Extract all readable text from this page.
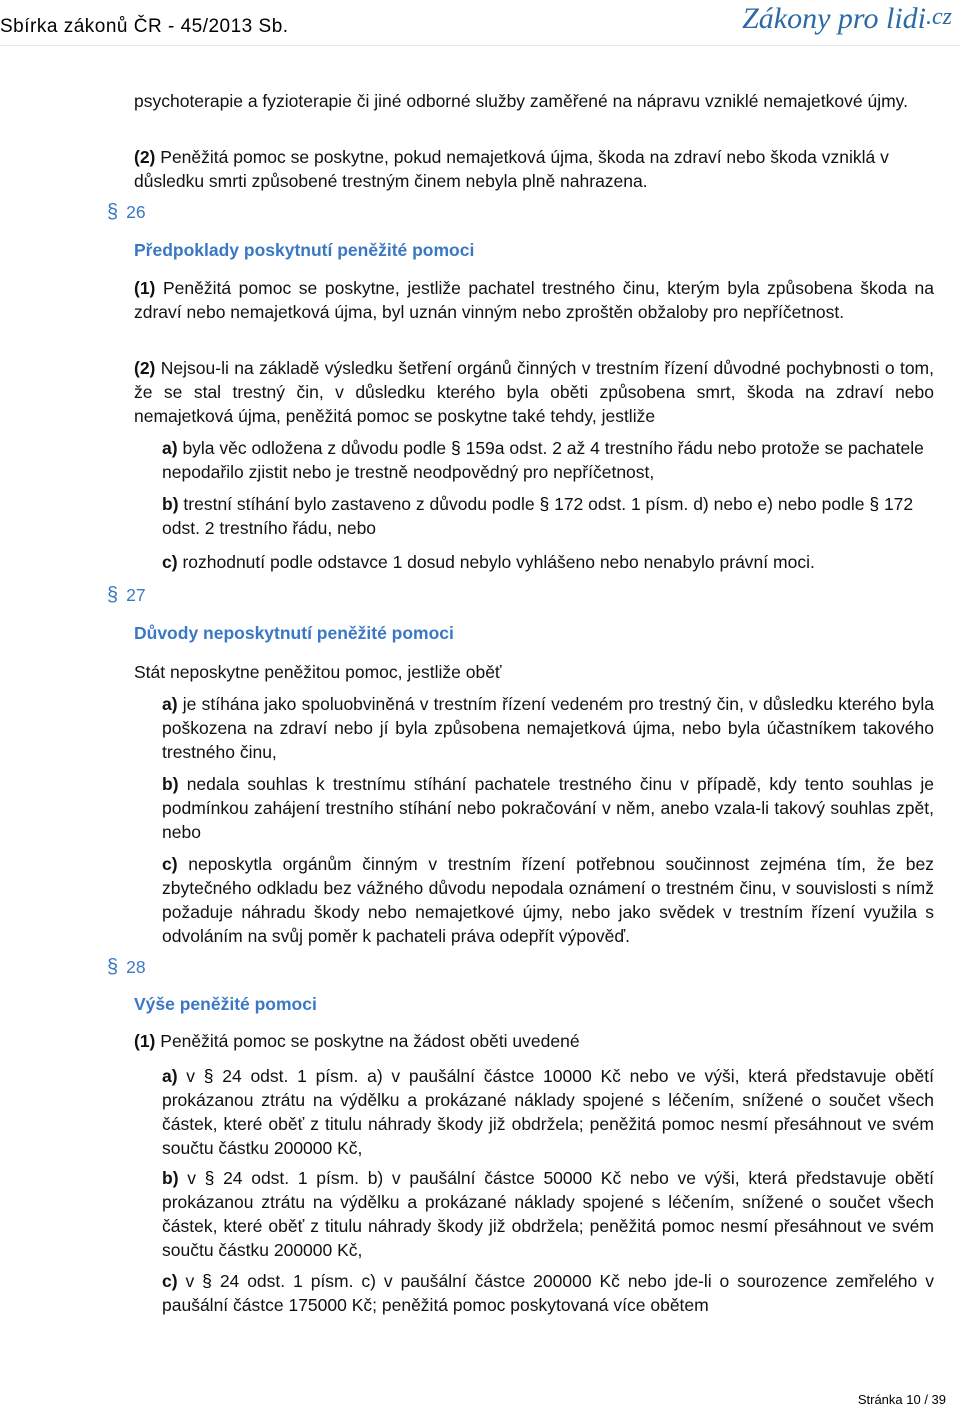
Sbírka zákonů ČR - 45/2013 Sb.	Zákony pro lidi.cz

psychoterapie a fyzioterapie či jiné odborné služby zaměřené na nápravu vzniklé nemajetkové újmy.

(2) Peněžitá pomoc se poskytne, pokud nemajetková újma, škoda na zdraví nebo škoda vzniklá v důsledku smrti způsobené trestným činem nebyla plně nahrazena.

§ 26
Předpoklady poskytnutí peněžité pomoci

(1) Peněžitá pomoc se poskytne, jestliže pachatel trestného činu, kterým byla způsobena škoda na zdraví nebo nemajetková újma, byl uznán vinným nebo zproštěn obžaloby pro nepříčetnost.

(2) Nejsou-li na základě výsledku šetření orgánů činných v trestním řízení důvodné pochybnosti o tom, že se stal trestný čin, v důsledku kterého byla oběti způsobena smrt, škoda na zdraví nebo nemajetková újma, peněžitá pomoc se poskytne také tehdy, jestliže

a) byla věc odložena z důvodu podle § 159a odst. 2 až 4 trestního řádu nebo protože se pachatele nepodařilo zjistit nebo je trestně neodpovědný pro nepříčetnost,

b) trestní stíhání bylo zastaveno z důvodu podle § 172 odst. 1 písm. d) nebo e) nebo podle § 172 odst. 2 trestního řádu, nebo

c) rozhodnutí podle odstavce 1 dosud nebylo vyhlášeno nebo nenabylo právní moci.

§ 27
Důvody neposkytnutí peněžité pomoci

Stát neposkytne peněžitou pomoc, jestliže oběť

a) je stíhána jako spoluobviněná v trestním řízení vedeném pro trestný čin, v důsledku kterého byla poškozena na zdraví nebo jí byla způsobena nemajetková újma, nebo byla účastníkem takového trestného činu,

b) nedala souhlas k trestnímu stíhání pachatele trestného činu v případě, kdy tento souhlas je podmínkou zahájení trestního stíhání nebo pokračování v něm, anebo vzala-li takový souhlas zpět, nebo

c) neposkytla orgánům činným v trestním řízení potřebnou součinnost zejména tím, že bez zbytečného odkladu bez vážného důvodu nepodala oznámení o trestném činu, v souvislosti s nímž požaduje náhradu škody nebo nemajetkové újmy, nebo jako svědek v trestním řízení využila s odvoláním na svůj poměr k pachateli práva odepřít výpověď.

§ 28
Výše peněžité pomoci

(1) Peněžitá pomoc se poskytne na žádost oběti uvedené

a) v § 24 odst. 1 písm. a) v paušální částce 10000 Kč nebo ve výši, která představuje obětí prokázanou ztrátu na výdělku a prokázané náklady spojené s léčením, snížené o součet všech částek, které oběť z titulu náhrady škody již obdržela; peněžitá pomoc nesmí přesáhnout ve svém součtu částku 200000 Kč,

b) v § 24 odst. 1 písm. b) v paušální částce 50000 Kč nebo ve výši, která představuje obětí prokázanou ztrátu na výdělku a prokázané náklady spojené s léčením, snížené o součet všech částek, které oběť z titulu náhrady škody již obdržela; peněžitá pomoc nesmí přesáhnout ve svém součtu částku 200000 Kč,

c) v § 24 odst. 1 písm. c) v paušální částce 200000 Kč nebo jde-li o sourozence zemřelého v paušální částce 175000 Kč; peněžitá pomoc poskytovaná více obětem

Stránka 10 / 39
